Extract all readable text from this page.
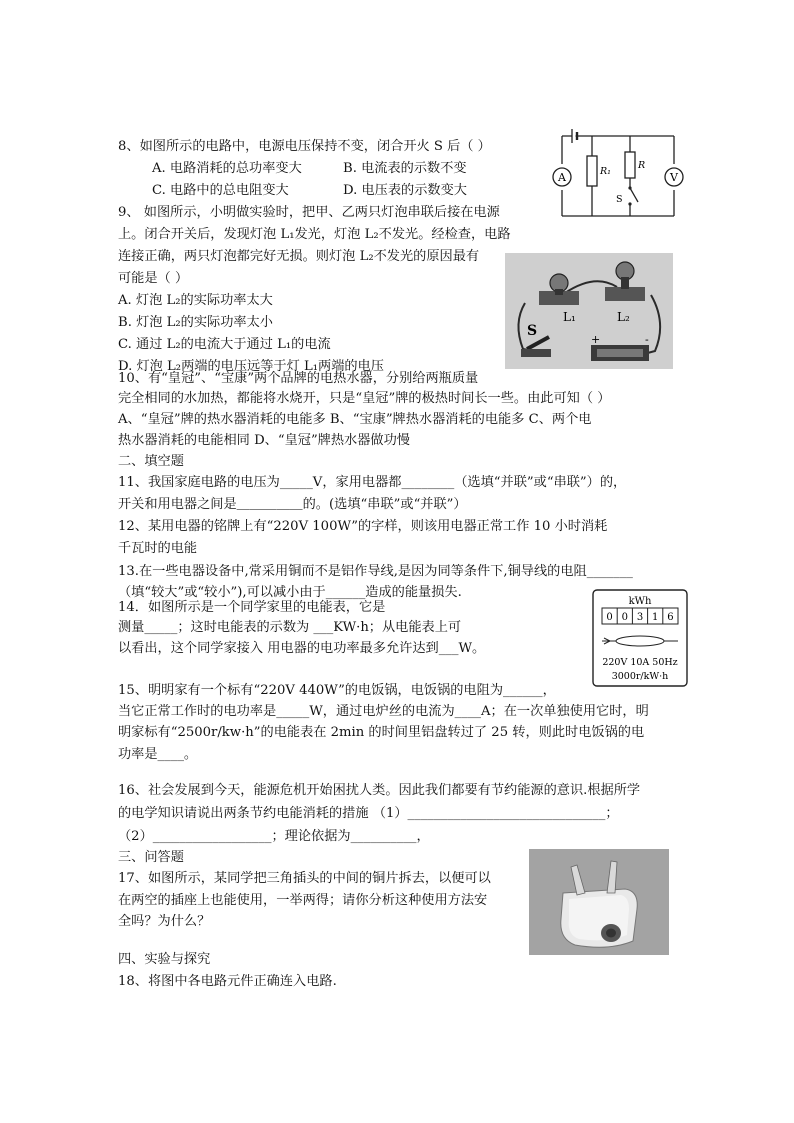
8、如图所示的电路中，电源电压保持不变，闭合开火 S 后（ ）
A. 电路消耗的总功率变大	B. 电流表的示数不变
C. 电路中的总电阻变大	D. 电压表的示数变大
A	V
R₁
R
S
9、 如图所示，小明做实验时，把甲、乙两只灯泡串联后接在电源
上。闭合开关后，发现灯泡 L₁发光，灯泡 L₂不发光。经检查，电路
连接正确，两只灯泡都完好无损。则灯泡 L₂不发光的原因最有
可能是（ ）
A. 灯泡 L₂的实际功率太大
B. 灯泡 L₂的实际功率太小
C. 通过 L₂的电流大于通过 L₁的电流
D. 灯泡 L₂两端的电压远等于灯 L₁两端的电压
S
L₁	L₂
+	-
10、有“皇冠”、“宝康”两个品牌的电热水器，分别给两瓶质量
完全相同的水加热，都能将水烧开，只是“皇冠”牌的极热时间长一些。由此可知（ ）
A、“皇冠”牌的热水器消耗的电能多 B、“宝康”牌热水器消耗的电能多 C、两个电
热水器消耗的电能相同 D、“皇冠”牌热水器做功慢
二、填空题
11、我国家庭电路的电压为_____V，家用电器都________（选填“并联”或“串联”）的，
开关和用电器之间是＿＿＿＿＿的。(选填“串联”或“并联”）
12、某用电器的铭牌上有“220V 100W”的字样，则该用电器正常工作 10 小时消耗
千瓦时的电能
13.在一些电器设备中,常采用铜而不是铝作导线,是因为同等条件下,铜导线的电阻_______
（填“较大”或“较小”),可以减小由于______造成的能量损失.
14．如图所示是一个同学家里的电能表，它是
测量_____；这时电能表的示数为 ___KW·h；从电能表上可
以看出，这个同学家接入 用电器的电功率最多允许达到___W。
kWh
0 0 3 1 6
220V 10A 50Hz
3000r/kW·h
15、明明家有一个标有“220V 440W”的电饭锅，电饭锅的电阻为______，
当它正常工作时的电功率是_____W，通过电炉丝的电流为____A；在一次单独使用它时，明
明家标有“2500r/kw·h”的电能表在 2min 的时间里铝盘转过了 25 转，则此时电饭锅的电
功率是____。
16、社会发展到今天，能源危机开始困扰人类。因此我们都要有节约能源的意识.根据所学
的电学知识请说出两条节约电能消耗的措施 （1）______________________________；
（2）__________________；理论依据为__________，
三、问答题
17、如图所示，某同学把三角插头的中间的铜片拆去，以便可以
在两空的插座上也能使用，一举两得；请你分析这种使用方法安
全吗？为什么？
四、实验与探究
18、将图中各电路元件正确连入电路.
